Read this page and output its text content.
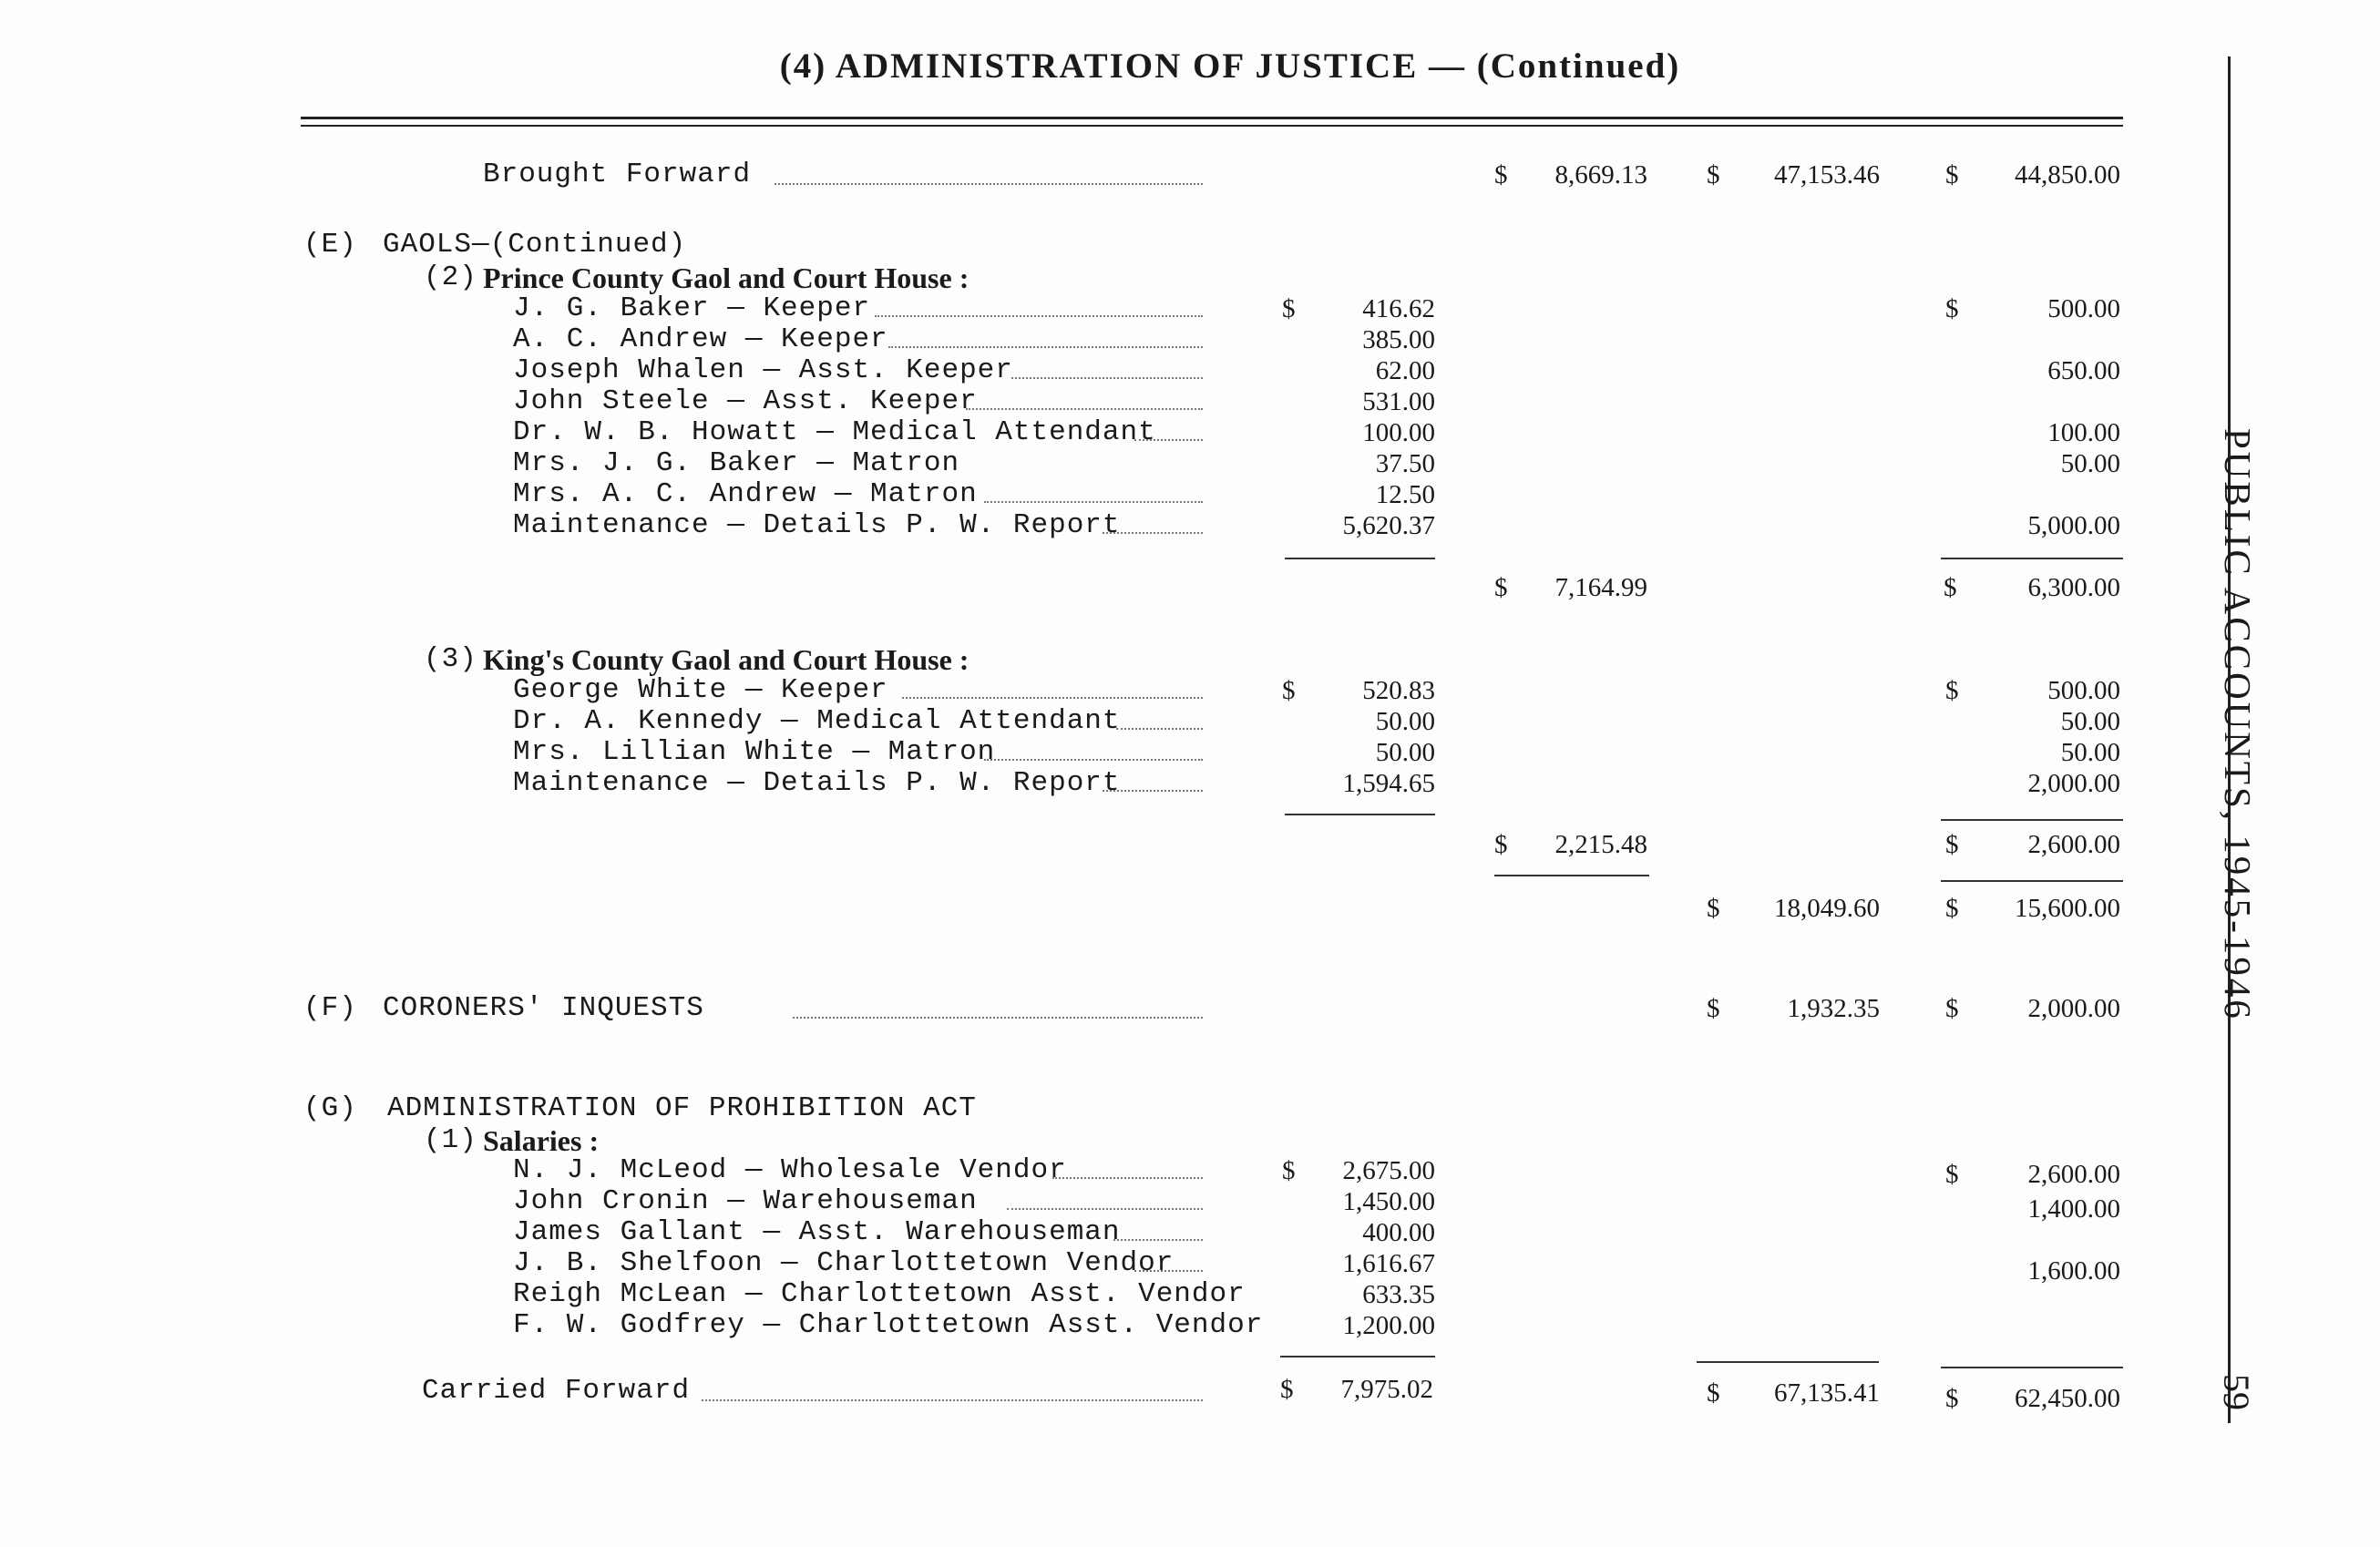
(4) ADMINISTRATION OF JUSTICE — (Continued)
PUBLIC ACCOUNTS, 1945-1946
59
Brought Forward	$	8,669.13 $	47,153.46 $	44,850.00
(E) GAOLS—(Continued)
(2) Prince County Gaol and Court House :
J. G. Baker — Keeper	$	416.62	$	500.00
A. C. Andrew — Keeper	385.00
Joseph Whalen — Asst. Keeper	62.00	650.00
John Steele — Asst. Keeper	531.00
Dr. W. B. Howatt — Medical Attendant	100.00	100.00
Mrs. J. G. Baker — Matron	37.50	50.00
Mrs. A. C. Andrew — Matron	12.50
Maintenance — Details P. W. Report	5,620.37	5,000.00
$	7,164.99	$	6,300.00
(3) King's County Gaol and Court House :
George White — Keeper	$	520.83	$	500.00
Dr. A. Kennedy — Medical Attendant	50.00	50.00
Mrs. Lillian White — Matron	50.00	50.00
Maintenance — Details P. W. Report	1,594.65	2,000.00
$	2,215.48	$	2,600.00
$	18,049.60 $	15,600.00
(F) CORONERS' INQUESTS	$	1,932.35 $	2,000.00
(G) ADMINISTRATION OF PROHIBITION ACT
(1) Salaries :
N. J. McLeod — Wholesale Vendor	$	2,675.00	$	2,600.00
John Cronin — Warehouseman	1,450.00	1,400.00
James Gallant — Asst. Warehouseman	400.00
J. B. Shelfoon — Charlottetown Vendor	1,616.67	1,600.00
Reigh McLean — Charlottetown Asst. Vendor	633.35
F. W. Godfrey — Charlottetown Asst. Vendor	1,200.00
Carried Forward	$	7,975.02	$	67,135.41 $	62,450.00
